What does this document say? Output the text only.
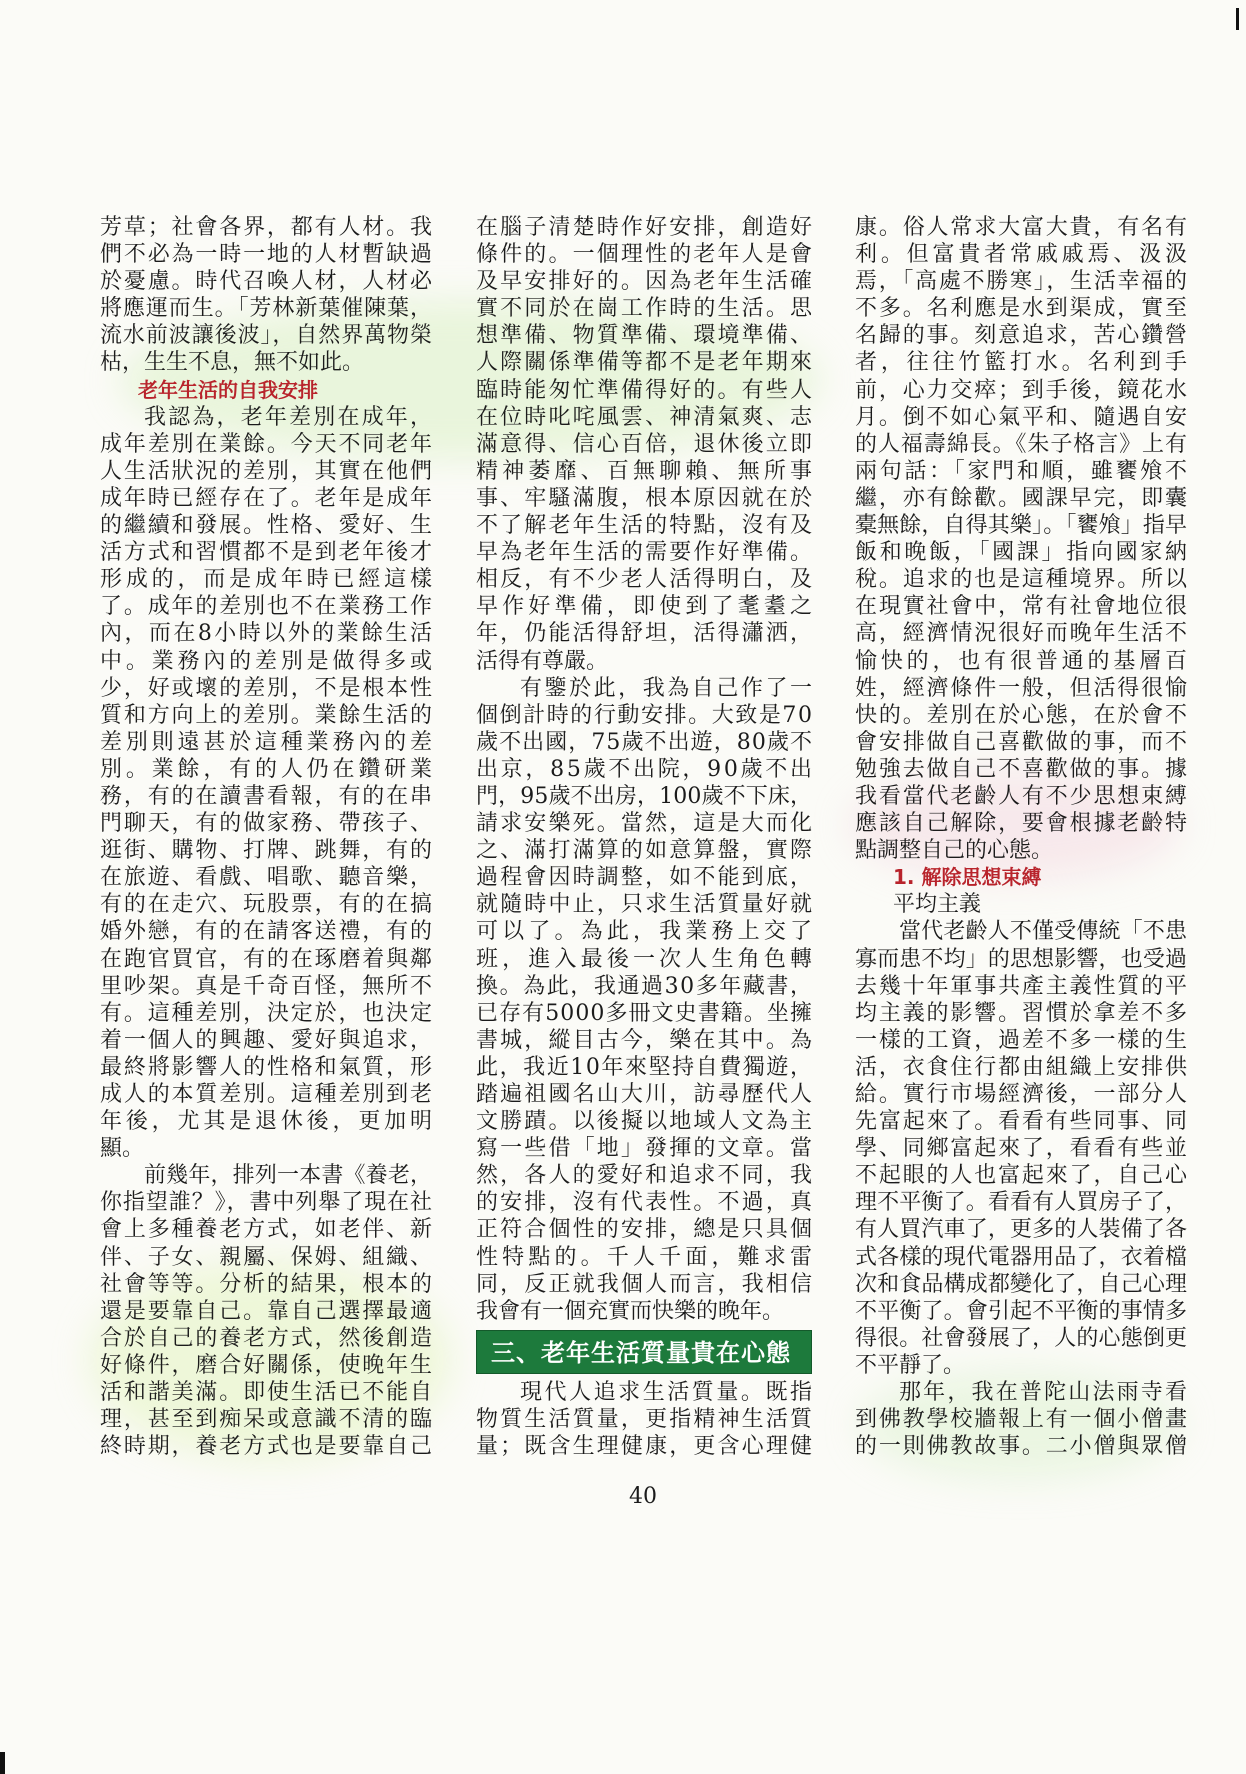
芳草；社會各界，都有人材。我
們不必為一時一地的人材暫缺過
於憂慮。時代召喚人材，人材必
將應運而生。「芳林新葉催陳葉，
流水前波讓後波」，自然界萬物榮
枯，生生不息，無不如此。
老年生活的自我安排
我認為，老年差別在成年，
成年差別在業餘。今天不同老年
人生活狀況的差別，其實在他們
成年時已經存在了。老年是成年
的繼續和發展。性格、愛好、生
活方式和習慣都不是到老年後才
形成的，而是成年時已經這樣
了。成年的差別也不在業務工作
內，而在8小時以外的業餘生活
中。業務內的差別是做得多或
少，好或壞的差別，不是根本性
質和方向上的差別。業餘生活的
差別則遠甚於這種業務內的差
別。業餘，有的人仍在鑽研業
務，有的在讀書看報，有的在串
門聊天，有的做家務、帶孩子、
逛街、購物、打牌、跳舞，有的
在旅遊、看戲、唱歌、聽音樂，
有的在走穴、玩股票，有的在搞
婚外戀，有的在請客送禮，有的
在跑官買官，有的在琢磨着與鄰
里吵架。真是千奇百怪，無所不
有。這種差別，決定於，也決定
着一個人的興趣、愛好與追求，
最終將影響人的性格和氣質，形
成人的本質差別。這種差別到老
年後，尤其是退休後，更加明
顯。
前幾年，排列一本書《養老，
你指望誰？》，書中列舉了現在社
會上多種養老方式，如老伴、新
伴、子女、親屬、保姆、組織、
社會等等。分析的結果，根本的
還是要靠自己。靠自己選擇最適
合於自己的養老方式，然後創造
好條件，磨合好關係，使晚年生
活和諧美滿。即使生活已不能自
理，甚至到痴呆或意識不清的臨
終時期，養老方式也是要靠自己
在腦子清楚時作好安排，創造好
條件的。一個理性的老年人是會
及早安排好的。因為老年生活確
實不同於在崗工作時的生活。思
想準備、物質準備、環境準備、
人際關係準備等都不是老年期來
臨時能匆忙準備得好的。有些人
在位時叱咤風雲、神清氣爽、志
滿意得、信心百倍，退休後立即
精神萎靡、百無聊賴、無所事
事、牢騷滿腹，根本原因就在於
不了解老年生活的特點，沒有及
早為老年生活的需要作好準備。
相反，有不少老人活得明白，及
早作好準備，即使到了耄耋之
年，仍能活得舒坦，活得瀟洒，
活得有尊嚴。
有鑒於此，我為自己作了一
個倒計時的行動安排。大致是70
歲不出國，75歲不出遊，80歲不
出京，85歲不出院，90歲不出
門，95歲不出房，100歲不下床，
請求安樂死。當然，這是大而化
之、滿打滿算的如意算盤，實際
過程會因時調整，如不能到底，
就隨時中止，只求生活質量好就
可以了。為此，我業務上交了
班，進入最後一次人生角色轉
換。為此，我通過30多年藏書，
已存有5000多冊文史書籍。坐擁
書城，縱目古今，樂在其中。為
此，我近10年來堅持自費獨遊，
踏遍祖國名山大川，訪尋歷代人
文勝蹟。以後擬以地域人文為主
寫一些借「地」發揮的文章。當
然，各人的愛好和追求不同，我
的安排，沒有代表性。不過，真
正符合個性的安排，總是只具個
性特點的。千人千面，難求雷
同，反正就我個人而言，我相信
我會有一個充實而快樂的晚年。
三、老年生活質量貴在心態
現代人追求生活質量。既指
物質生活質量，更指精神生活質
量；既含生理健康，更含心理健
康。俗人常求大富大貴，有名有
利。但富貴者常戚戚焉、汲汲
焉，「高處不勝寒」，生活幸福的
不多。名利應是水到渠成，實至
名歸的事。刻意追求，苦心鑽營
者，往往竹籃打水。名利到手
前，心力交瘁；到手後，鏡花水
月。倒不如心氣平和、隨遇自安
的人福壽綿長。《朱子格言》上有
兩句話：「家門和順，雖饔飧不
繼，亦有餘歡。國課早完，即囊
橐無餘，自得其樂」。「饔飧」指早
飯和晚飯，「國課」指向國家納
稅。追求的也是這種境界。所以
在現實社會中，常有社會地位很
高，經濟情況很好而晚年生活不
愉快的，也有很普通的基層百
姓，經濟條件一般，但活得很愉
快的。差別在於心態，在於會不
會安排做自己喜歡做的事，而不
勉強去做自己不喜歡做的事。據
我看當代老齡人有不少思想束縛
應該自己解除，要會根據老齡特
點調整自己的心態。
1. 解除思想束縛
平均主義
當代老齡人不僅受傳統「不患
寡而患不均」的思想影響，也受過
去幾十年軍事共產主義性質的平
均主義的影響。習慣於拿差不多
一樣的工資，過差不多一樣的生
活，衣食住行都由組織上安排供
給。實行市場經濟後，一部分人
先富起來了。看看有些同事、同
學、同鄉富起來了，看看有些並
不起眼的人也富起來了，自己心
理不平衡了。看看有人買房子了，
有人買汽車了，更多的人裝備了各
式各樣的現代電器用品了，衣着檔
次和食品構成都變化了，自己心理
不平衡了。會引起不平衡的事情多
得很。社會發展了，人的心態倒更
不平靜了。
那年，我在普陀山法雨寺看
到佛教學校牆報上有一個小僧畫
的一則佛教故事。二小僧與眾僧
40
